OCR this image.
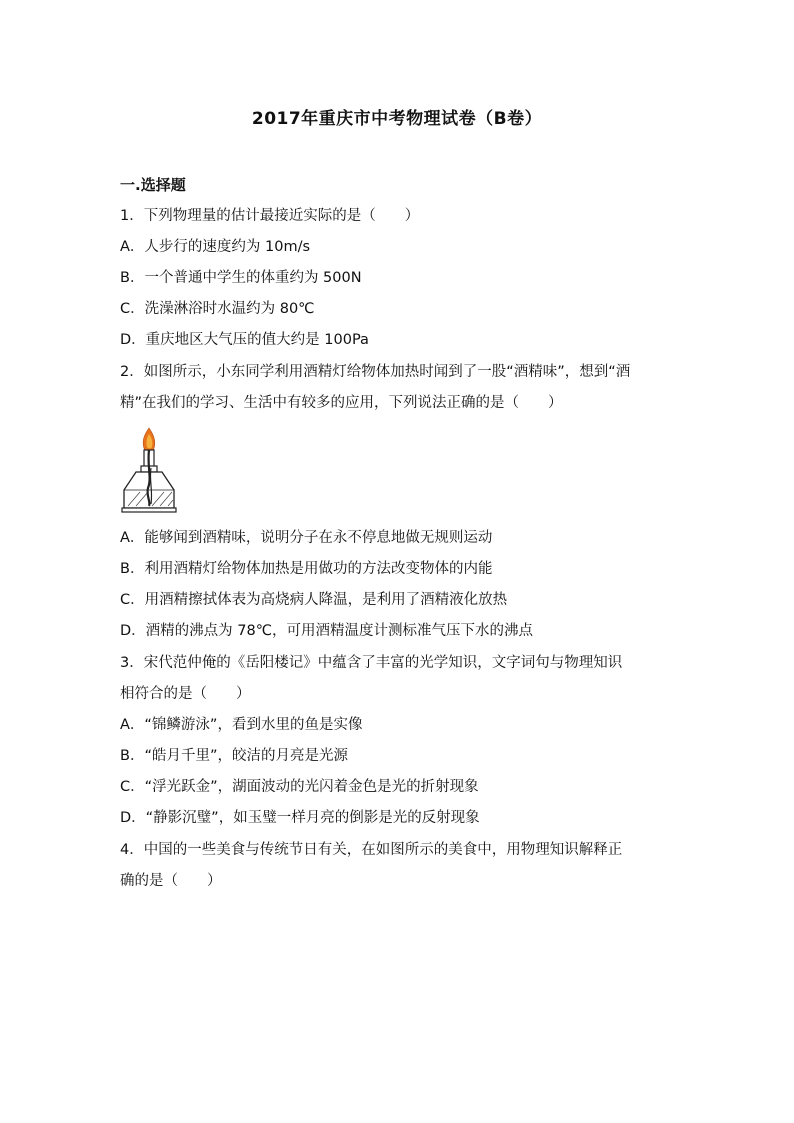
2017年重庆市中考物理试卷（B卷）
一.选择题
1．下列物理量的估计最接近实际的是（　　）
A．人步行的速度约为 10m/s
B．一个普通中学生的体重约为 500N
C．洗澡淋浴时水温约为 80℃
D．重庆地区大气压的值大约是 100Pa
2．如图所示，小东同学利用酒精灯给物体加热时闻到了一股“酒精味”，想到“酒
精”在我们的学习、生活中有较多的应用，下列说法正确的是（　　）
A．能够闻到酒精味，说明分子在永不停息地做无规则运动
B．利用酒精灯给物体加热是用做功的方法改变物体的内能
C．用酒精擦拭体表为高烧病人降温，是利用了酒精液化放热
D．酒精的沸点为 78℃，可用酒精温度计测标准气压下水的沸点
3．宋代范仲俺的《岳阳楼记》中蕴含了丰富的光学知识，文字词句与物理知识
相符合的是（　　）
A．“锦鳞游泳”，看到水里的鱼是实像
B．“皓月千里”，皎洁的月亮是光源
C．“浮光跃金”，湖面波动的光闪着金色是光的折射现象
D．“静影沉璧”，如玉璧一样月亮的倒影是光的反射现象
4．中国的一些美食与传统节日有关，在如图所示的美食中，用物理知识解释正
确的是（　　）
